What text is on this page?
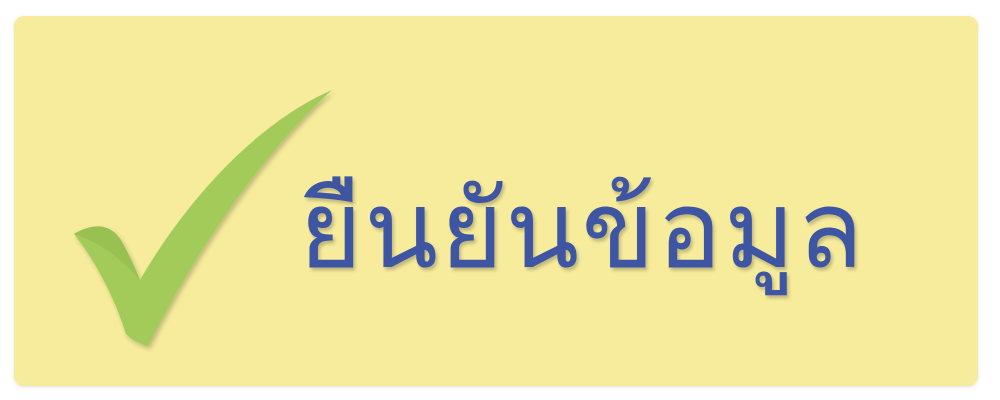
ยืนยันข้อมูล
